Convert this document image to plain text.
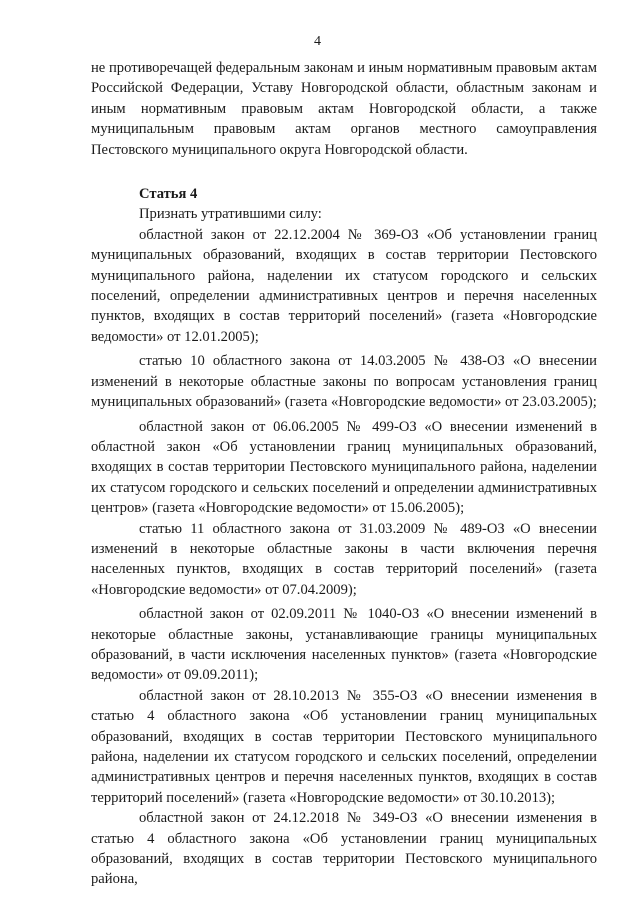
4

не противоречащей федеральным законам и иным нормативным правовым актам Российской Федерации, Уставу Новгородской области, областным законам и иным нормативным правовым актам Новгородской области, а также муниципальным правовым актам органов местного самоуправления Пестовского муниципального округа Новгородской области.

Статья 4

Признать утратившими силу:

областной закон от 22.12.2004 № 369-ОЗ «Об установлении границ муниципальных образований, входящих в состав территории Пестовского муниципального района, наделении их статусом городского и сельских поселений, определении административных центров и перечня населенных пунктов, входящих в состав территорий поселений» (газета «Новгородские ведомости» от 12.01.2005);

статью 10 областного закона от 14.03.2005 № 438-ОЗ «О внесении изменений в некоторые областные законы по вопросам установления границ муниципальных образований» (газета «Новгородские ведомости» от 23.03.2005);

областной закон от 06.06.2005 № 499-ОЗ «О внесении изменений в областной закон «Об установлении границ муниципальных образований, входящих в состав территории Пестовского муниципального района, наделении их статусом городского и сельских поселений и определении административных центров» (газета «Новгородские ведомости» от 15.06.2005);

статью 11 областного закона от 31.03.2009 № 489-ОЗ «О внесении изменений в некоторые областные законы в части включения перечня населенных пунктов, входящих в состав территорий поселений» (газета «Новгородские ведомости» от 07.04.2009);

областной закон от 02.09.2011 № 1040-ОЗ «О внесении изменений в некоторые областные законы, устанавливающие границы муниципальных образований, в части исключения населенных пунктов» (газета «Новгородские ведомости» от 09.09.2011);

областной закон от 28.10.2013 № 355-ОЗ «О внесении изменения в статью 4 областного закона «Об установлении границ муниципальных образований, входящих в состав территории Пестовского муниципального района, наделении их статусом городского и сельских поселений, определении административных центров и перечня населенных пунктов, входящих в состав территорий поселений» (газета «Новгородские ведомости» от 30.10.2013);

областной закон от 24.12.2018 № 349-ОЗ «О внесении изменения в статью 4 областного закона «Об установлении границ муниципальных образований, входящих в состав территории Пестовского муниципального района,
